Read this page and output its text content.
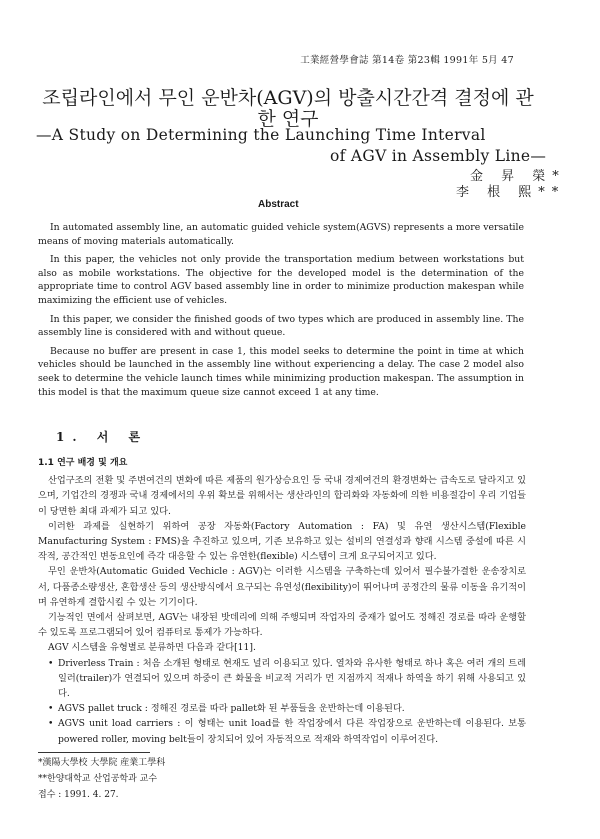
工業經營學會誌 第14卷 第23輯 1991年 5月 47
조립라인에서 무인 운반차(AGV)의 방출시간간격 결정에 관한 연구
—A Study on Determining the Launching Time Interval
of AGV in Assembly Line—
金 昇 榮*
李 根 熙**
Abstract

In automated assembly line, an automatic guided vehicle system(AGVS) represents a more versatile means of moving materials automatically.

In this paper, the vehicles not only provide the transportation medium between workstations but also as mobile workstations. The objective for the developed model is the determination of the appropriate time to control AGV based assembly line in order to minimize production makespan while maximizing the efficient use of vehicles.

In this paper, we consider the finished goods of two types which are produced in assembly line. The assembly line is considered with and without queue.

Because no buffer are present in case 1, this model seeks to determine the point in time at which vehicles should be launched in the assembly line without experiencing a delay. The case 2 model also seek to determine the vehicle launch times while minimizing production makespan. The assumption in this model is that the maximum queue size cannot exceed 1 at any time.

1. 서 론
1.1 연구 배경 및 개요

산업구조의 전환 및 주변여건의 변화에 따른 제품의 원가상승요인 등 국내 경제여건의 환경변화는 급속도로 달라지고 있으며, 기업간의 경쟁과 국내 경제에서의 우위 확보를 위해서는 생산라인의 합리화와 자동화에 의한 비용절감이 우리 기업들이 당면한 최대 과제가 되고 있다.

이러한 과제를 실현하기 위하여 공장 자동화(Factory Automation : FA) 및 유연 생산시스템(Flexible Manufacturing System : FMS)을 추진하고 있으며, 기존 보유하고 있는 설비의 연결성과 향래 시스템 중설에 따른 시작적, 공간적인 변동요인에 즉각 대응할 수 있는 유연한(flexible) 시스템이 크게 요구되어지고 있다.

무인 운반차(Automatic Guided Vechicle : AGV)는 이러한 시스템을 구축하는데 있어서 필수불가결한 운송장치로서, 다품종소량생산, 혼합생산 등의 생산방식에서 요구되는 유연성(flexibility)이 뛰어나며 공정간의 물류 이동을 유기적이며 유연하게 결합시킬 수 있는 기기이다.

기능적인 면에서 살펴보면, AGV는 내장된 밧데리에 의해 주행되며 작업자의 중재가 없어도 정해진 경로를 따라 운행할 수 있도록 프로그램되어 있어 컴퓨터로 통제가 가능하다.

AGV 시스템을 유형별로 분류하면 다음과 같다[11].

• Driverless Train : 처음 소개된 형태로 현재도 널리 이용되고 있다. 열차와 유사한 형태로 하나 혹은 여러 개의 트레일러(trailer)가 연결되어 있으며 하중이 큰 화물을 비교적 거리가 먼 지점까지 적재나 하역을 하기 위해 사용되고 있다.
• AGVS pallet truck : 정해진 경로를 따라 pallet화 된 부품들을 운반하는데 이용된다.
• AGVS unit load carriers : 이 형태는 unit load를 한 작업장에서 다른 작업장으로 운반하는데 이용된다. 보통 powered roller, moving belt들이 장치되어 있어 자동적으로 적재와 하역작업이 이루어진다.
*漢陽大學校 大學院 産業工學科
**한양대학교 산업공학과 교수
접수 : 1991. 4. 27.
